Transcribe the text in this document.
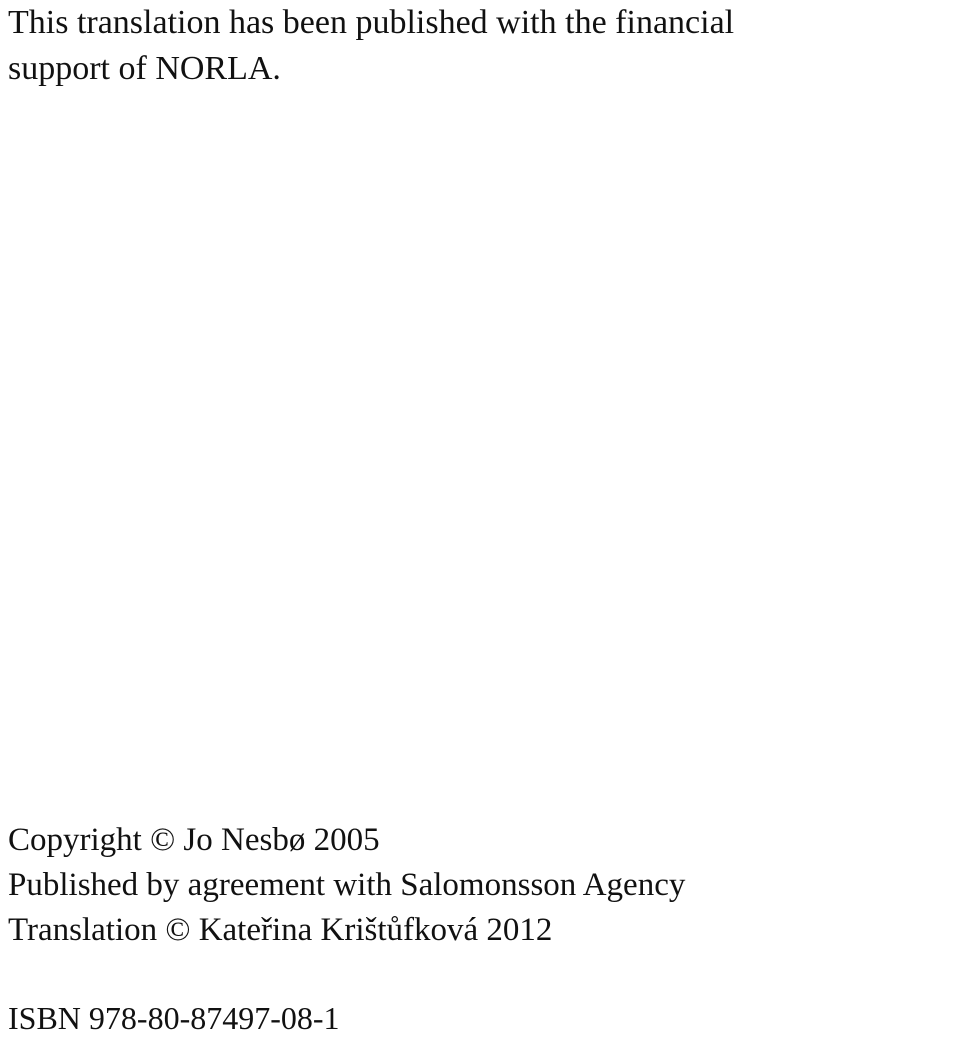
This translation has been published with the financial

support of NORLA.

Copyright © Jo Nesbø 2005

Published by agreement with Salomonsson Agency

Translation © Kateřina Krištůfková 2012

ISBN 978-80-87497-08-1
